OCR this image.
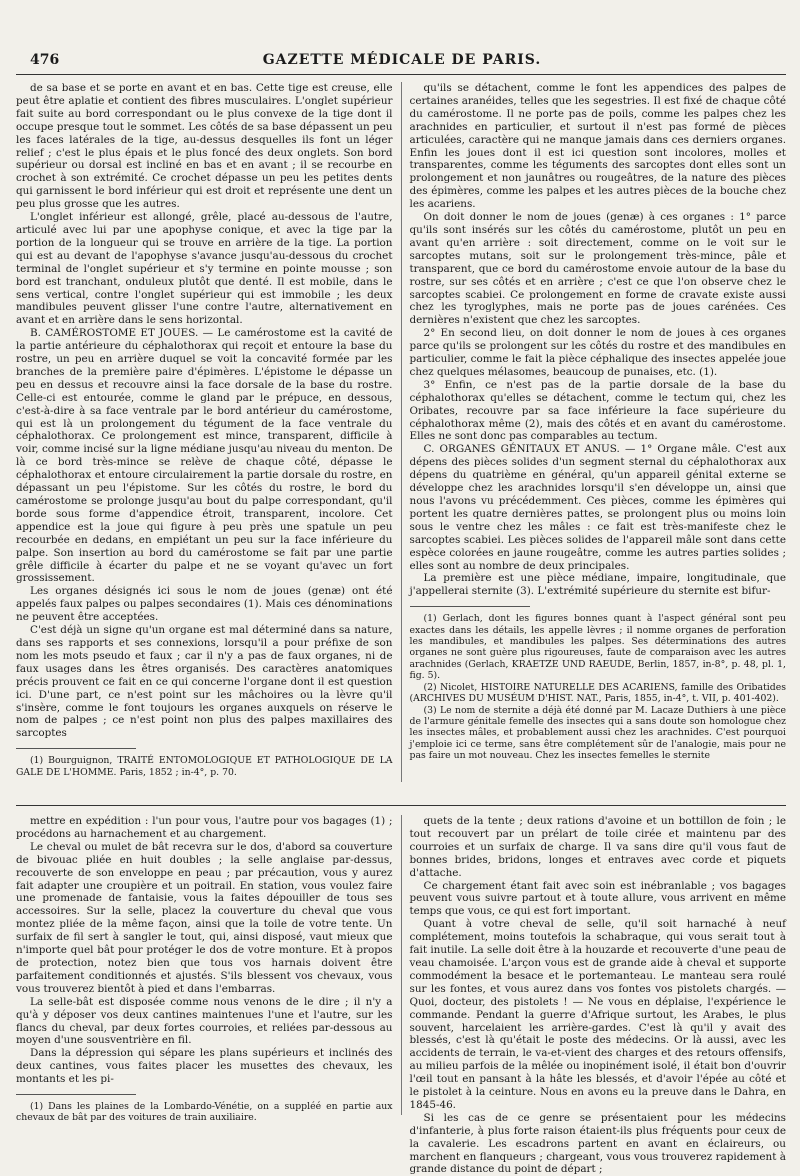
476	GAZETTE MÉDICALE DE PARIS.

de sa base et se porte en avant et en bas. Cette tige est creuse, elle peut être aplatie et contient des fibres musculaires. L'onglet supérieur fait suite au bord correspondant ou le plus convexe de la tige dont il occupe presque tout le sommet. Les côtés de sa base dépassent un peu les faces latérales de la tige, au-dessus desquelles ils font un léger relief ; c'est le plus épais et le plus foncé des deux onglets. Son bord supérieur ou dorsal est incliné en bas et en avant ; il se recourbe en crochet à son extrémité. Ce crochet dépasse un peu les petites dents qui garnissent le bord inférieur qui est droit et représente une dent un peu plus grosse que les autres.

L'onglet inférieur est allongé, grêle, placé au-dessous de l'autre, articulé avec lui par une apophyse conique, et avec la tige par la portion de la longueur qui se trouve en arrière de la tige. La portion qui est au devant de l'apophyse s'avance jusqu'au-dessous du crochet terminal de l'onglet supérieur et s'y termine en pointe mousse ; son bord est tranchant, onduleux plutôt que denté. Il est mobile, dans le sens vertical, contre l'onglet supérieur qui est immobile ; les deux mandibules peuvent glisser l'une contre l'autre, alternativement en avant et en arrière dans le sens horizontal.

B. CAMÉROSTOME ET JOUES. — Le camérostome est la cavité de la partie antérieure du céphalothorax qui reçoit et entoure la base du rostre, un peu en arrière duquel se voit la concavité formée par les branches de la première paire d'épimères. L'épistome le dépasse un peu en dessus et recouvre ainsi la face dorsale de la base du rostre. Celle-ci est entourée, comme le gland par le prépuce, en dessous, c'est-à-dire à sa face ventrale par le bord antérieur du camérostome, qui est là un prolongement du tégument de la face ventrale du céphalothorax. Ce prolongement est mince, transparent, difficile à voir, comme incisé sur la ligne médiane jusqu'au niveau du menton. De là ce bord très-mince se relève de chaque côté, dépasse le céphalothorax et entoure circulairement la partie dorsale du rostre, en dépassant un peu l'épistome. Sur les côtés du rostre, le bord du camérostome se prolonge jusqu'au bout du palpe correspondant, qu'il borde sous forme d'appendice étroit, transparent, incolore. Cet appendice est la joue qui figure à peu près une spatule un peu recourbée en dedans, en empiétant un peu sur la face inférieure du palpe. Son insertion au bord du camérostome se fait par une partie grêle difficile à écarter du palpe et ne se voyant qu'avec un fort grossissement.

Les organes désignés ici sous le nom de joues (genæ) ont été appelés faux palpes ou palpes secondaires (1). Mais ces dénominations ne peuvent être acceptées.

C'est déjà un signe qu'un organe est mal déterminé dans sa nature, dans ses rapports et ses connexions, lorsqu'il a pour préfixe de son nom les mots pseudo et faux ; car il n'y a pas de faux organes, ni de faux usages dans les êtres organisés. Des caractères anatomiques précis prouvent ce fait en ce qui concerne l'organe dont il est question ici. D'une part, ce n'est point sur les mâchoires ou la lèvre qu'il s'insère, comme le font toujours les organes auxquels on réserve le nom de palpes ; ce n'est point non plus des palpes maxillaires des sarcoptes

(1) Bourguignon, TRAITÉ ENTOMOLOGIQUE ET PATHOLOGIQUE DE LA GALE DE L'HOMME. Paris, 1852 ; in-4°, p. 70.

qu'ils se détachent, comme le font les appendices des palpes de certaines aranéides, telles que les segestries. Il est fixé de chaque côté du camérostome. Il ne porte pas de poils, comme les palpes chez les arachnides en particulier, et surtout il n'est pas formé de pièces articulées, caractère qui ne manque jamais dans ces derniers organes. Enfin les joues dont il est ici question sont incolores, molles et transparentes, comme les téguments des sarcoptes dont elles sont un prolongement et non jaunâtres ou rougeâtres, de la nature des pièces des épimères, comme les palpes et les autres pièces de la bouche chez les acariens.

On doit donner le nom de joues (genæ) à ces organes : 1° parce qu'ils sont insérés sur les côtés du camérostome, plutôt un peu en avant qu'en arrière : soit directement, comme on le voit sur le sarcoptes mutans, soit sur le prolongement très-mince, pâle et transparent, que ce bord du camérostome envoie autour de la base du rostre, sur ses côtés et en arrière ; c'est ce que l'on observe chez le sarcoptes scabiei. Ce prolongement en forme de cravate existe aussi chez les tyroglyphes, mais ne porte pas de joues carénées. Ces dernières n'existent que chez les sarcoptes.

2° En second lieu, on doit donner le nom de joues à ces organes parce qu'ils se prolongent sur les côtés du rostre et des mandibules en particulier, comme le fait la pièce céphalique des insectes appelée joue chez quelques mélasomes, beaucoup de punaises, etc. (1).

3° Enfin, ce n'est pas de la partie dorsale de la base du céphalothorax qu'elles se détachent, comme le tectum qui, chez les Oribates, recouvre par sa face inférieure la face supérieure du céphalothorax même (2), mais des côtés et en avant du camérostome. Elles ne sont donc pas comparables au tectum.

C. ORGANES GÉNITAUX ET ANUS. — 1° Organe mâle. C'est aux dépens des pièces solides d'un segment sternal du céphalothorax aux dépens du quatrième en général, qu'un appareil génital externe se développe chez les arachnides lorsqu'il s'en développe un, ainsi que nous l'avons vu précédemment. Ces pièces, comme les épimères qui portent les quatre dernières pattes, se prolongent plus ou moins loin sous le ventre chez les mâles : ce fait est très-manifeste chez le sarcoptes scabiei. Les pièces solides de l'appareil mâle sont dans cette espèce colorées en jaune rougeâtre, comme les autres parties solides ; elles sont au nombre de deux principales.

La première est une pièce médiane, impaire, longitudinale, que j'appellerai sternite (3). L'extrémité supérieure du sternite est bifur-

(1) Gerlach, dont les figures bonnes quant à l'aspect général sont peu exactes dans les détails, les appelle lèvres ; il nomme organes de perforation les mandibules, et mandibules les palpes. Ses déterminations des autres organes ne sont guère plus rigoureuses, faute de comparaison avec les autres arachnides (Gerlach, KRAETZE UND RAEUDE, Berlin, 1857, in-8°, p. 48, pl. 1, fig. 5).

(2) Nicolet, HISTOIRE NATURELLE DES ACARIENS, famille des Oribatides (ARCHIVES DU MUSÉUM D'HIST. NAT., Paris, 1855, in-4°, t. VII, p. 401-402).

(3) Le nom de sternite a déjà été donné par M. Lacaze Duthiers à une pièce de l'armure génitale femelle des insectes qui a sans doute son homologue chez les insectes mâles, et probablement aussi chez les arachnides. C'est pourquoi j'emploie ici ce terme, sans être complétement sûr de l'analogie, mais pour ne pas faire un mot nouveau. Chez les insectes femelles le sternite

mettre en expédition : l'un pour vous, l'autre pour vos bagages (1) ; procédons au harnachement et au chargement.

Le cheval ou mulet de bât recevra sur le dos, d'abord sa couverture de bivouac pliée en huit doubles ; la selle anglaise par-dessus, recouverte de son enveloppe en peau ; par précaution, vous y aurez fait adapter une croupière et un poitrail. En station, vous voulez faire une promenade de fantaisie, vous la faites dépouiller de tous ses accessoires. Sur la selle, placez la couverture du cheval que vous montez pliée de la même façon, ainsi que la toile de votre tente. Un surfaix de fil sert à sangler le tout, qui, ainsi disposé, vaut mieux que n'importe quel bât pour protéger le dos de votre monture. Et à propos de protection, notez bien que tous vos harnais doivent être parfaitement conditionnés et ajustés. S'ils blessent vos chevaux, vous vous trouverez bientôt à pied et dans l'embarras.

La selle-bât est disposée comme nous venons de le dire ; il n'y a qu'à y déposer vos deux cantines maintenues l'une et l'autre, sur les flancs du cheval, par deux fortes courroies, et reliées par-dessous au moyen d'une sousventrière en fil.

Dans la dépression qui sépare les plans supérieurs et inclinés des deux cantines, vous faites placer les musettes des chevaux, les montants et les pi-

(1) Dans les plaines de la Lombardo-Vénétie, on a suppléé en partie aux chevaux de bât par des voitures de train auxiliaire.

quets de la tente ; deux rations d'avoine et un bottillon de foin ; le tout recouvert par un prélart de toile cirée et maintenu par des courroies et un surfaix de charge. Il va sans dire qu'il vous faut de bonnes brides, bridons, longes et entraves avec corde et piquets d'attache.

Ce chargement étant fait avec soin est inébranlable ; vos bagages peuvent vous suivre partout et à toute allure, vous arrivent en même temps que vous, ce qui est fort important.

Quant à votre cheval de selle, qu'il soit harnaché à neuf complétement, moins toutefois la schabraque, qui vous serait tout à fait inutile. La selle doit être à la houzarde et recouverte d'une peau de veau chamoisée. L'arçon vous est de grande aide à cheval et supporte commodément la besace et le portemanteau. Le manteau sera roulé sur les fontes, et vous aurez dans vos fontes vos pistolets chargés. — Quoi, docteur, des pistolets ! — Ne vous en déplaise, l'expérience le commande. Pendant la guerre d'Afrique surtout, les Arabes, le plus souvent, harcelaient les arrière-gardes. C'est là qu'il y avait des blessés, c'est là qu'était le poste des médecins. Or là aussi, avec les accidents de terrain, le va-et-vient des charges et des retours offensifs, au milieu parfois de la mêlée ou inopinément isolé, il était bon d'ouvrir l'œil tout en pansant à la hâte les blessés, et d'avoir l'épée au côté et le pistolet à la ceinture. Nous en avons eu la preuve dans le Dahra, en 1845-46.

Si les cas de ce genre se présentaient pour les médecins d'infanterie, à plus forte raison étaient-ils plus fréquents pour ceux de la cavalerie. Les escadrons partent en avant en éclaireurs, ou marchent en flanqueurs ; chargeant, vous vous trouverez rapidement à grande distance du point de départ ;
